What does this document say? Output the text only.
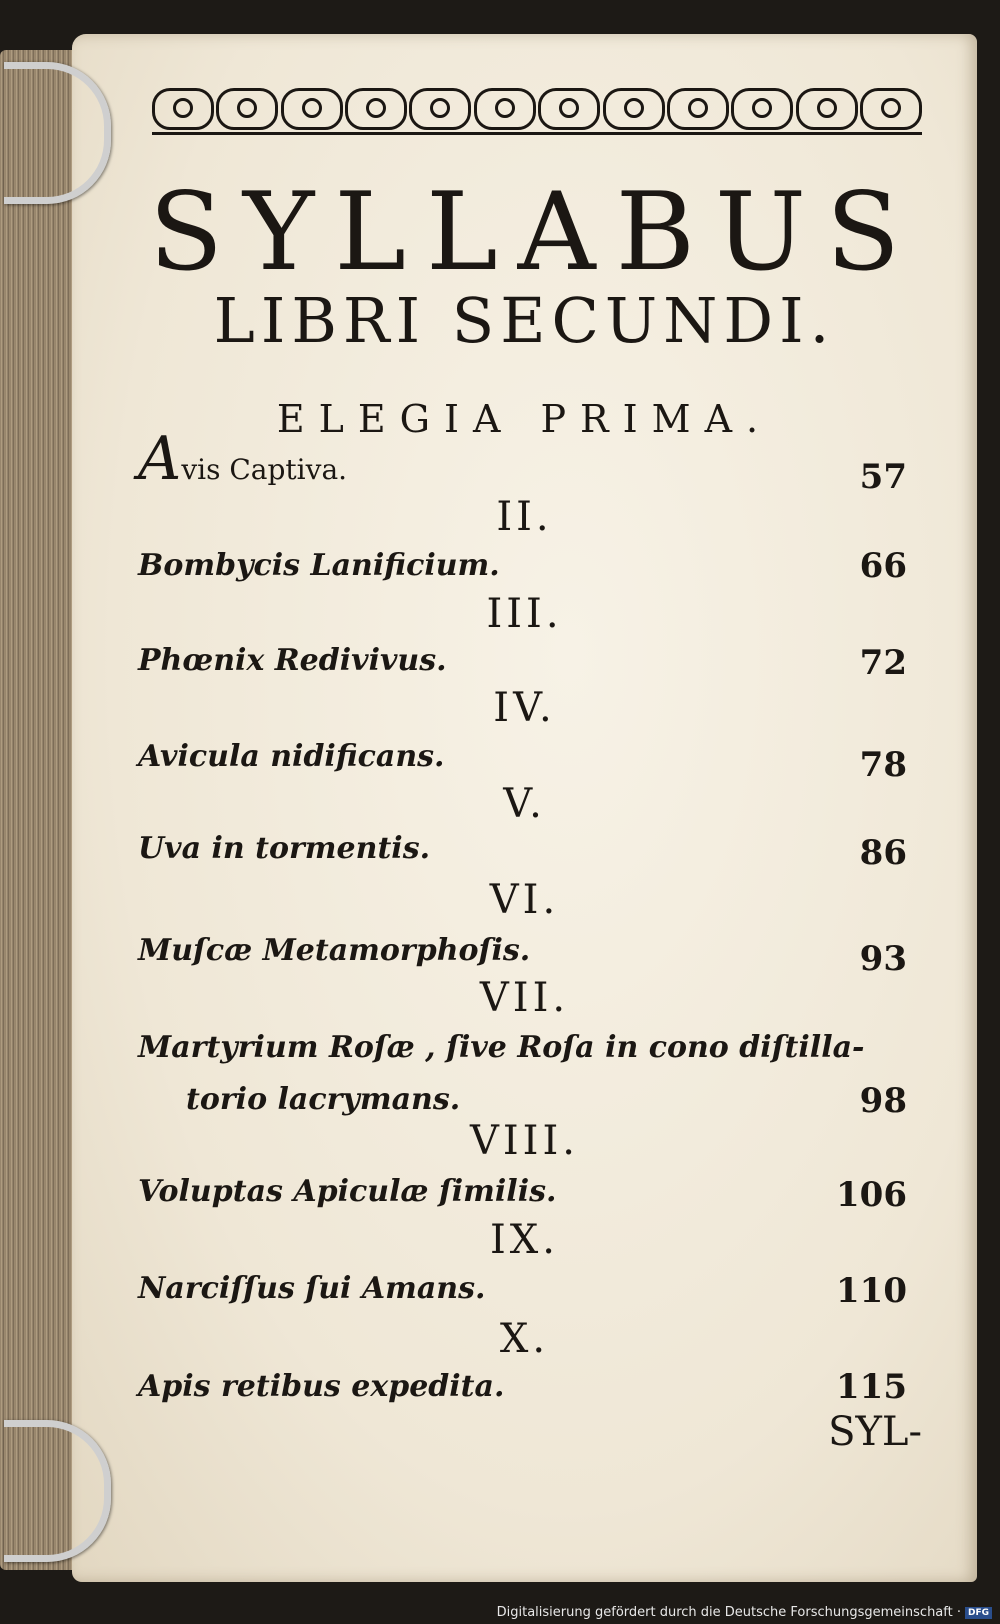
SYLLABUS
LIBRI SECUNDI.
ELEGIA PRIMA.
Avis Captiva.	57
II.
Bombycis Lanificium.	66
III.
Phœnix Redivivus.	72
IV.
Avicula nidificans.	78
V.
Uva in tormentis.	86
VI.
Muſcæ Metamorphoſis.	93
VII.
Martyrium Roſæ , ſive Roſa in cono diſtilla-
torio lacrymans.	98
VIII.
Voluptas Apiculæ ſimilis.	106
IX.
Narciſſus ſui Amans.	110
X.
Apis retibus expedita.	115
SYL-
Digitalisierung gefördert durch die Deutsche Forschungsgemeinschaft · DFG
